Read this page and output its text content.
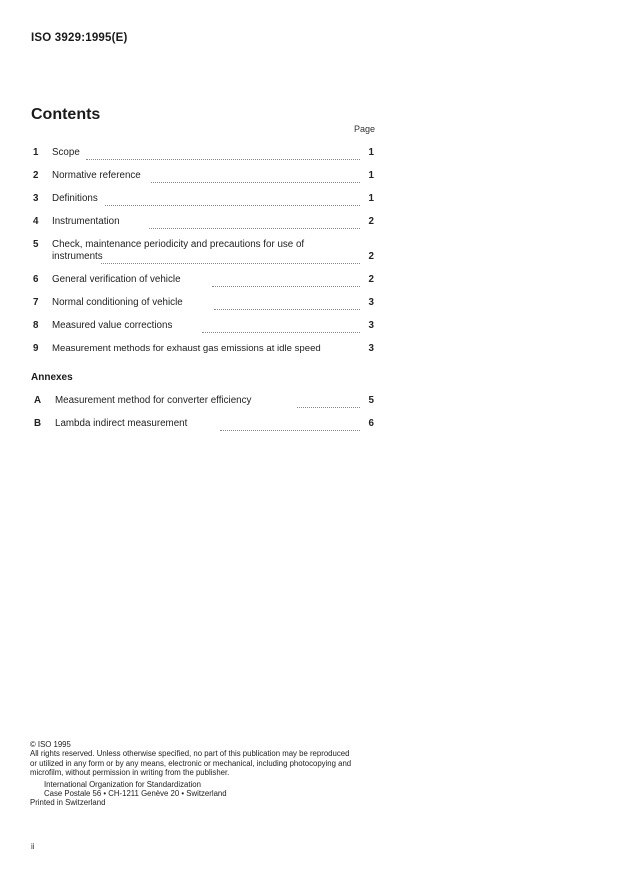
ISO 3929:1995(E)
Contents
Page
1 Scope	1
2 Normative reference	1
3 Definitions	1
4 Instrumentation	2
5 Check, maintenance periodicity and precautions for use of
instruments	2
6 General verification of vehicle	2
7 Normal conditioning of vehicle	3
8 Measured value corrections	3
9 Measurement methods for exhaust gas emissions at idle speed	3
Annexes
A Measurement method for converter efficiency	5
B Lambda indirect measurement	6
© ISO 1995
All rights reserved. Unless otherwise specified, no part of this publication may be reproduced
or utilized in any form or by any means, electronic or mechanical, including photocopying and
microfilm, without permission in writing from the publisher.
International Organization for Standardization
Case Postale 56 • CH-1211 Genève 20 • Switzerland
Printed in Switzerland
ii
